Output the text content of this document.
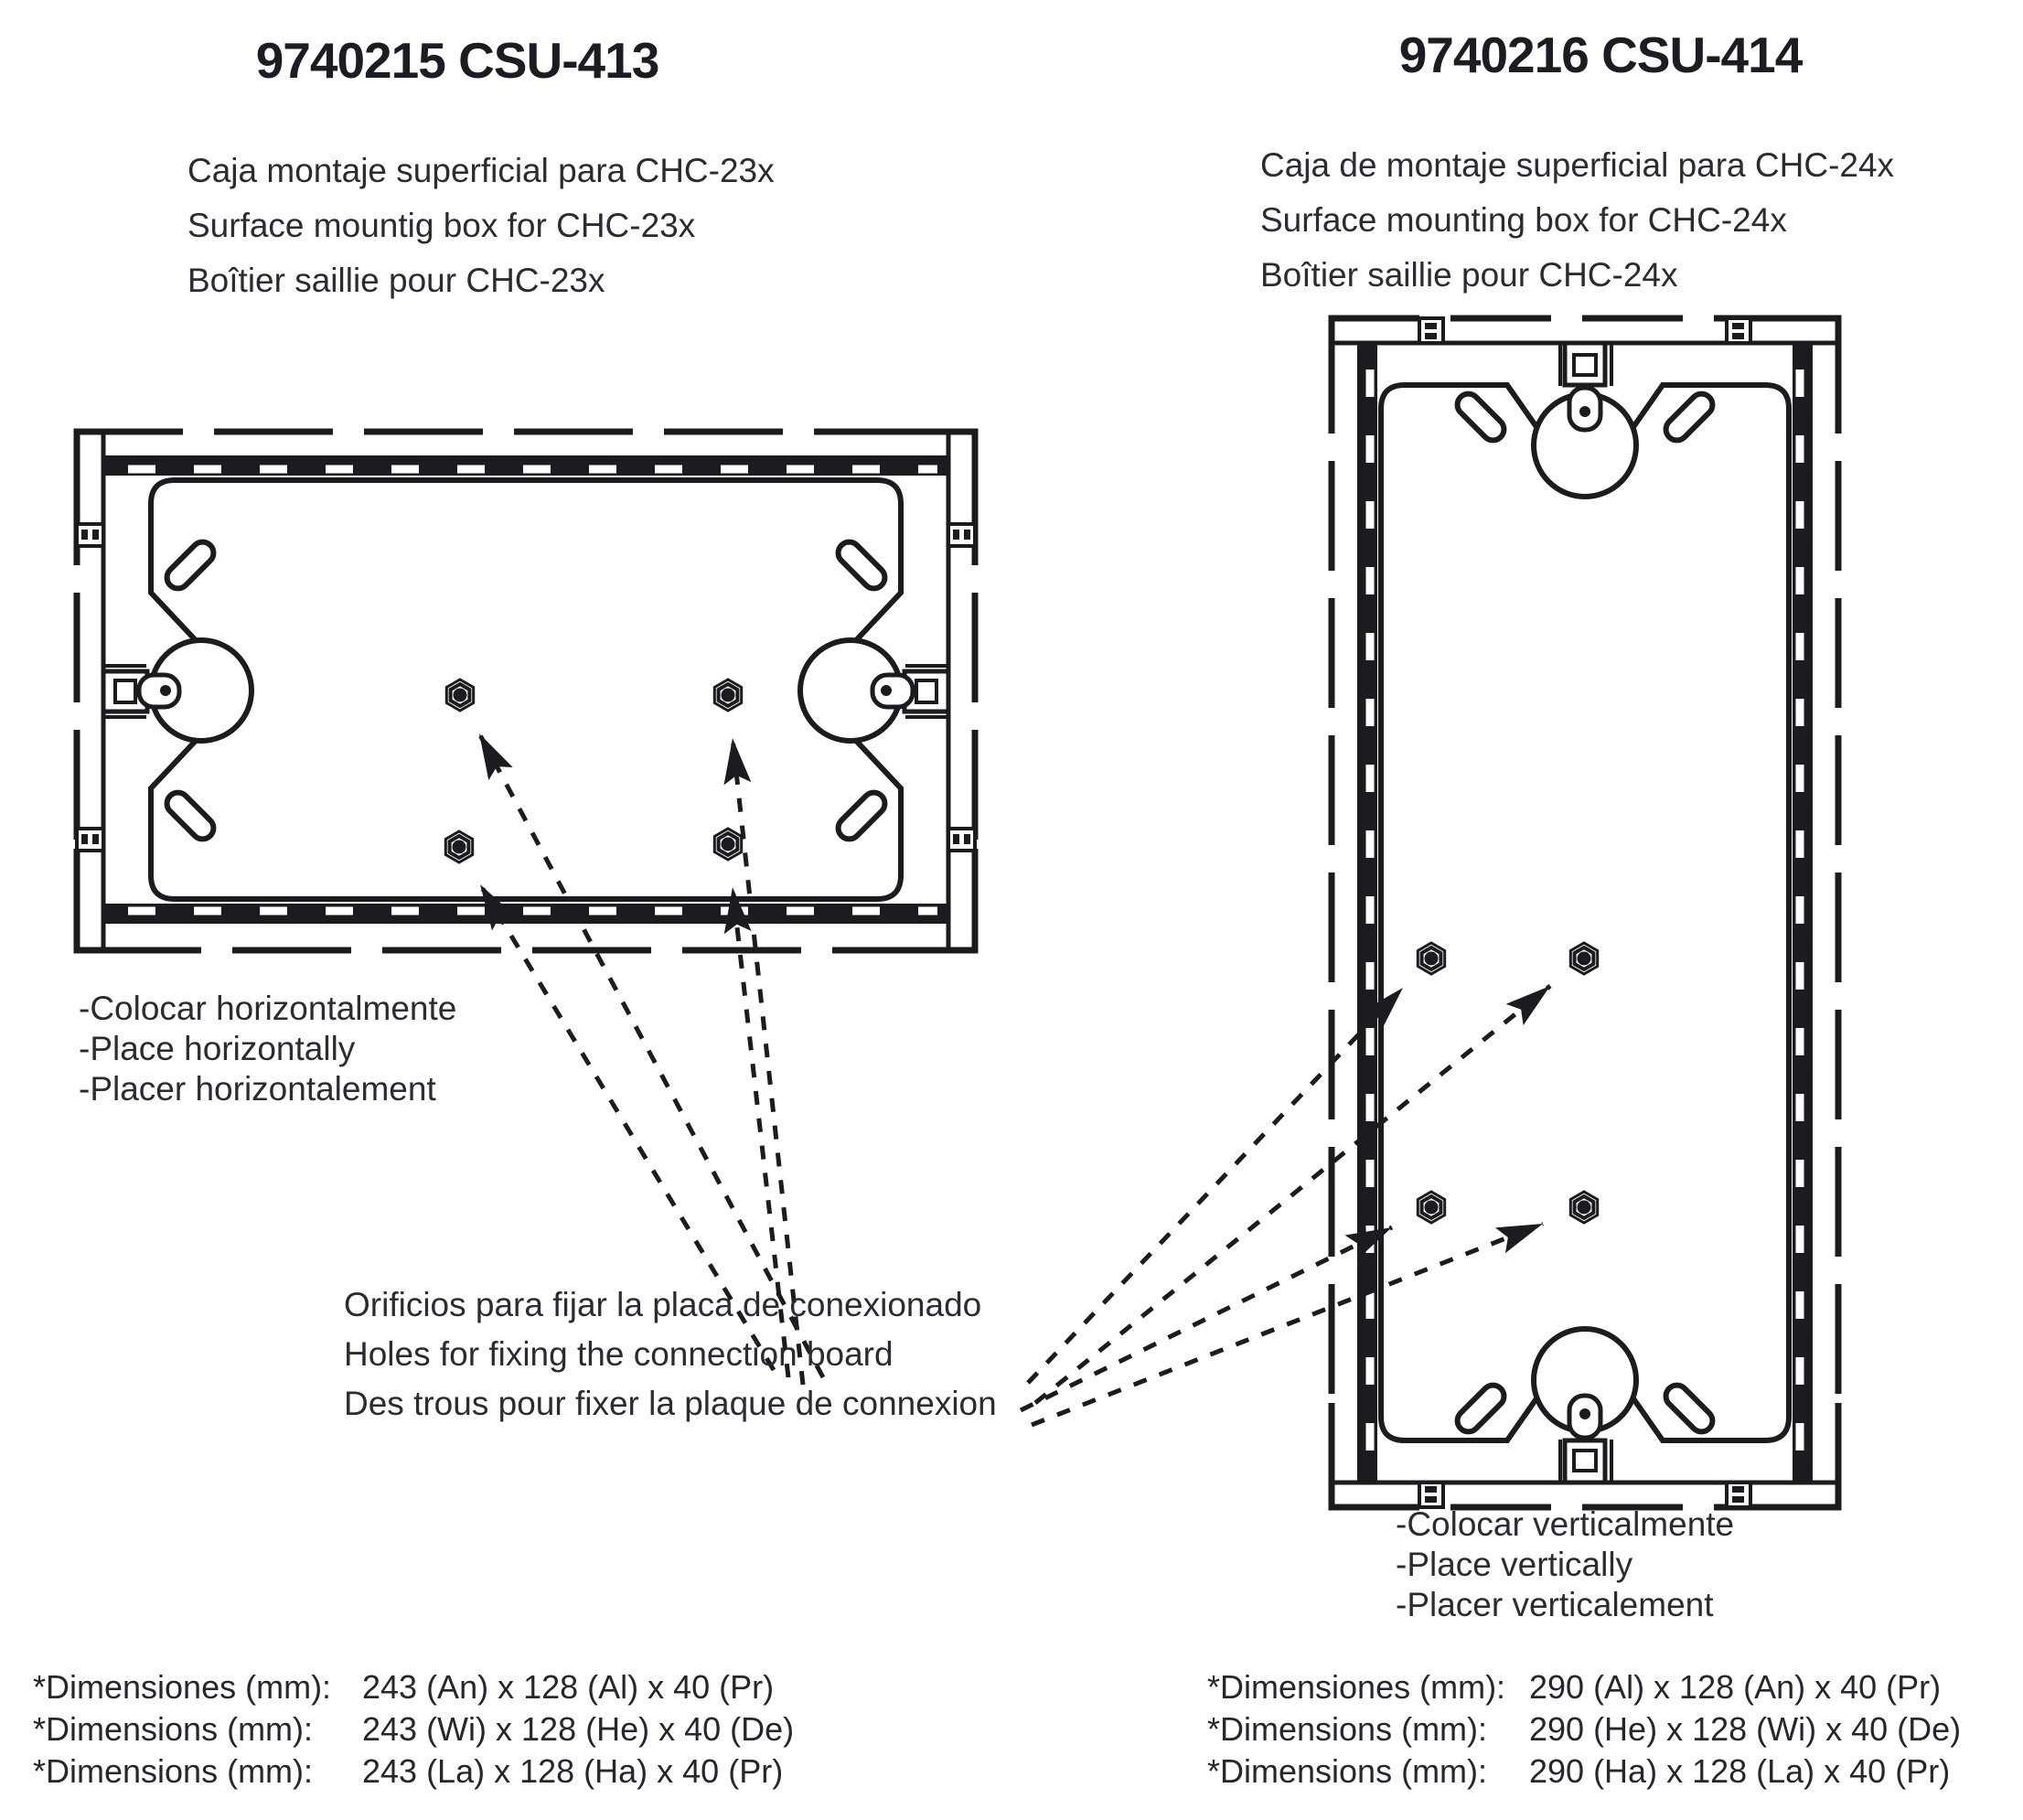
9740215 CSU-413
Caja montaje superficial para CHC-23x
Surface mountig box for CHC-23x
Boîtier saillie pour CHC-23x
9740216 CSU-414
Caja de montaje superficial para CHC-24x
Surface mounting box for CHC-24x
Boîtier saillie pour CHC-24x
-Colocar horizontalmente
-Place horizontally
-Placer horizontalement
Orificios para fijar la placa de conexionado
Holes for fixing the connection board
Des trous pour fixer la plaque de connexion
-Colocar verticalmente
-Place vertically
-Placer verticalement
*Dimensiones (mm): 243 (An) x 128 (Al) x 40 (Pr)
*Dimensions (mm): 243 (Wi) x 128 (He) x 40 (De)
*Dimensions (mm): 243 (La) x 128 (Ha) x 40 (Pr)
*Dimensiones (mm): 290 (Al) x 128 (An) x 40 (Pr)
*Dimensions (mm): 290 (He) x 128 (Wi) x 40 (De)
*Dimensions (mm): 290 (Ha) x 128 (La) x 40 (Pr)
